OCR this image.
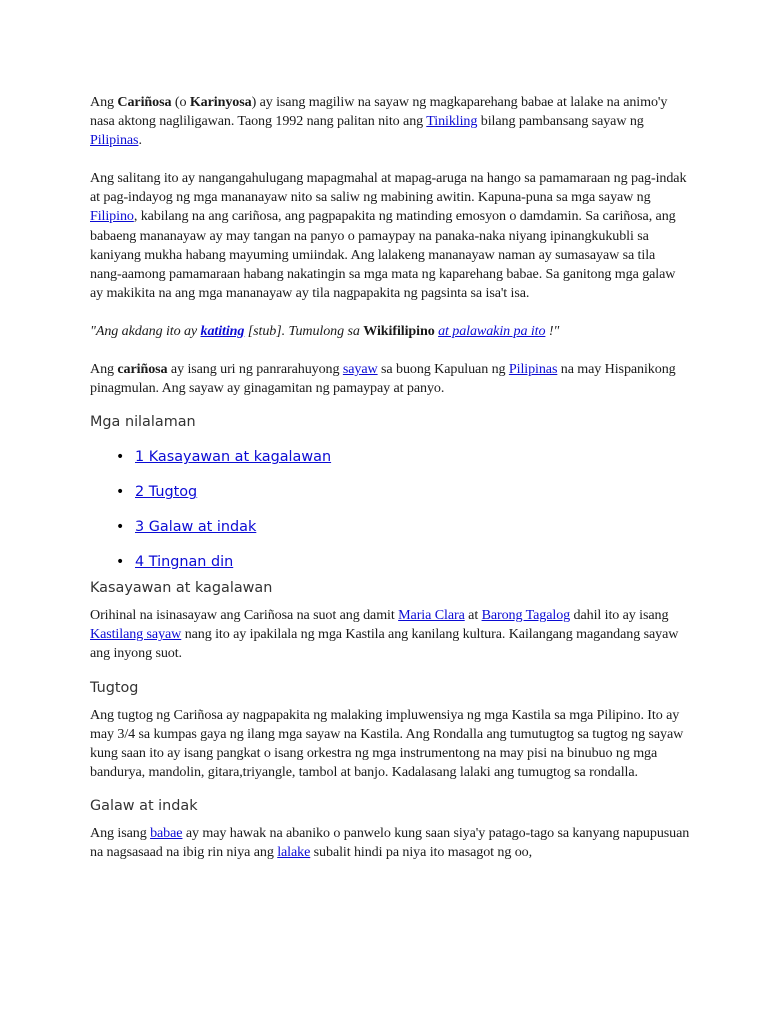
Ang Cariñosa (o Karinyosa) ay isang magiliw na sayaw ng magkaparehang babae at lalake na animo'y nasa aktong nagliligawan. Taong 1992 nang palitan nito ang Tinikling bilang pambansang sayaw ng Pilipinas.

Ang salitang ito ay nangangahulugang mapagmahal at mapag-aruga na hango sa pamamaraan ng pag-indak at pag-indayog ng mga mananayaw nito sa saliw ng mabining awitin. Kapuna-puna sa mga sayaw ng Filipino, kabilang na ang cariñosa, ang pagpapakita ng matinding emosyon o damdamin. Sa cariñosa, ang babaeng mananayaw ay may tangan na panyo o pamaypay na panaka-naka niyang ipinangkukubli sa kaniyang mukha habang mayuming umiindak. Ang lalakeng mananayaw naman ay sumasayaw sa tila nang-aamong pamamaraan habang nakatingin sa mga mata ng kaparehang babae. Sa ganitong mga galaw ay makikita na ang mga mananayaw ay tila nagpapakita ng pagsinta sa isa't isa.

"Ang akdang ito ay katiting [stub]. Tumulong sa Wikifilipino at palawakin pa ito !"

Ang cariñosa ay isang uri ng panrarahuyong sayaw sa buong Kapuluan ng Pilipinas na may Hispanikong pinagmulan. Ang sayaw ay ginagamitan ng pamaypay at panyo.

Mga nilalaman
• 1 Kasayawan at kagalawan
• 2 Tugtog
• 3 Galaw at indak
• 4 Tingnan din
Kasayawan at kagalawan

Orihinal na isinasayaw ang Cariñosa na suot ang damit Maria Clara at Barong Tagalog dahil ito ay isang Kastilang sayaw nang ito ay ipakilala ng mga Kastila ang kanilang kultura. Kailangang magandang sayaw ang inyong suot.

Tugtog

Ang tugtog ng Cariñosa ay nagpapakita ng malaking impluwensiya ng mga Kastila sa mga Pilipino. Ito ay may 3/4 sa kumpas gaya ng ilang mga sayaw na Kastila. Ang Rondalla ang tumutugtog sa tugtog ng sayaw kung saan ito ay isang pangkat o isang orkestra ng mga instrumentong na may pisi na binubuo ng mga bandurya, mandolin, gitara,triyangle, tambol at banjo. Kadalasang lalaki ang tumugtog sa rondalla.

Galaw at indak

Ang isang babae ay may hawak na abaniko o panwelo kung saan siya'y patago-tago sa kanyang napupusuan na nagsasaad na ibig rin niya ang lalake subalit hindi pa niya ito masagot ng oo,
